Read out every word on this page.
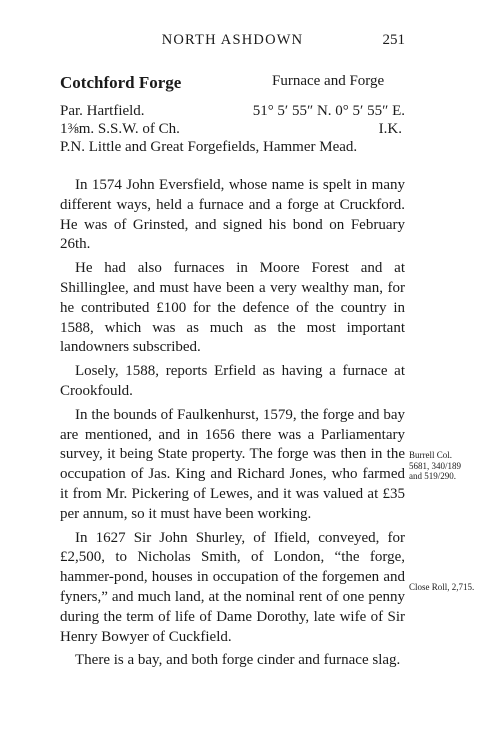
NORTH ASHDOWN	251
Cotchford Forge	Furnace and Forge
Par. Hartfield.	51° 5′ 55″ N. 0° 5′ 55″ E.
1⅜m. S.S.W. of Ch.	I.K.
P.N. Little and Great Forgefields, Hammer Mead.

In 1574 John Eversfield, whose name is spelt in many different ways, held a furnace and a forge at Cruckford. He was of Grinsted, and signed his bond on February 26th.

He had also furnaces in Moore Forest and at Shillinglee, and must have been a very wealthy man, for he contributed £100 for the defence of the country in 1588, which was as much as the most important landowners subscribed.

Losely, 1588, reports Erfield as having a furnace at Crookfould.

In the bounds of Faulkenhurst, 1579, the forge and bay are mentioned, and in 1656 there was a Parliamentary survey, it being State property. The forge was then in the occupation of Jas. King and Richard Jones, who farmed it from Mr. Pickering of Lewes, and it was valued at £35 per annum, so it must have been working.

In 1627 Sir John Shurley, of Ifield, conveyed, for £2,500, to Nicholas Smith, of London, “the forge, hammer-pond, houses in occupation of the forgemen and fyners,” and much land, at the nominal rent of one penny during the term of life of Dame Dorothy, late wife of Sir Henry Bowyer of Cuckfield.

There is a bay, and both forge cinder and furnace slag.

Burrell Col.
5681, 340/189
and 519/290.
Close Roll, 2,715.
